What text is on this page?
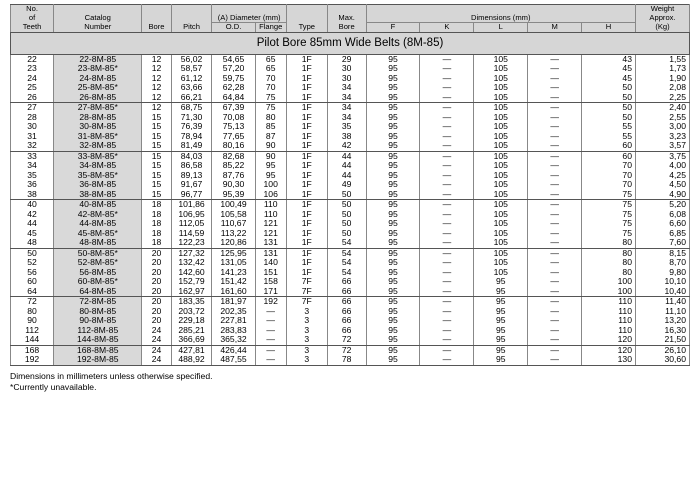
Pilot Bore 85mm Wide Belts (8M-85)													
No.													Weight
of	Catalog			(A) Diameter (mm)			Max.	Dimensions (mm)					Approx.
Teeth	Number	Bore	Pitch	O.D.	Flange	Type	Bore	F	K	L	M	H	(Kg)
22	22-8M-85	12	56,02	54,65	65	1F	29	95	—	105	—	43	1,55
23	23-8M-85*	12	58,57	57,20	65	1F	30	95	—	105	—	45	1,73
24	24-8M-85	12	61,12	59,75	70	1F	30	95	—	105	—	45	1,90
25	25-8M-85*	12	63,66	62,28	70	1F	34	95	—	105	—	50	2,08
26	26-8M-85	12	66,21	64,84	75	1F	34	95	—	105	—	50	2,25
27	27-8M-85*	12	68,75	67,39	75	1F	34	95	—	105	—	50	2,40
28	28-8M-85	15	71,30	70,08	80	1F	34	95	—	105	—	50	2,55
30	30-8M-85	15	76,39	75,13	85	1F	35	95	—	105	—	55	3,00
31	31-8M-85*	15	78,94	77,65	87	1F	38	95	—	105	—	55	3,23
32	32-8M-85	15	81,49	80,16	90	1F	42	95	—	105	—	60	3,57
33	33-8M-85*	15	84,03	82,68	90	1F	44	95	—	105	—	60	3,75
34	34-8M-85	15	86,58	85,22	95	1F	44	95	—	105	—	70	4,00
35	35-8M-85*	15	89,13	87,76	95	1F	44	95	—	105	—	70	4,25
36	36-8M-85	15	91,67	90,30	100	1F	49	95	—	105	—	70	4,50
38	38-8M-85	15	96,77	95,39	106	1F	50	95	—	105	—	75	4,90
40	40-8M-85	18	101,86	100,49	110	1F	50	95	—	105	—	75	5,20
42	42-8M-85*	18	106,95	105,58	110	1F	50	95	—	105	—	75	6,08
44	44-8M-85	18	112,05	110,67	121	1F	50	95	—	105	—	75	6,60
45	45-8M-85*	18	114,59	113,22	121	1F	50	95	—	105	—	75	6,85
48	48-8M-85	18	122,23	120,86	131	1F	54	95	—	105	—	80	7,60
50	50-8M-85*	20	127,32	125,95	131	1F	54	95	—	105	—	80	8,15
52	52-8M-85*	20	132,42	131,05	140	1F	54	95	—	105	—	80	8,70
56	56-8M-85	20	142,60	141,23	151	1F	54	95	—	105	—	80	9,80
60	60-8M-85*	20	152,79	151,42	158	7F	66	95	—	95	—	100	10,10
64	64-8M-85	20	162,97	161,60	171	7F	66	95	—	95	—	100	10,40
72	72-8M-85	20	183,35	181,97	192	7F	66	95	—	95	—	110	11,40
80	80-8M-85	20	203,72	202,35	—	3	66	95	—	95	—	110	11,10
90	90-8M-85	20	229,18	227,81	—	3	66	95	—	95	—	110	13,20
112	112-8M-85	24	285,21	283,83	—	3	66	95	—	95	—	110	16,30
144	144-8M-85	24	366,69	365,32	—	3	72	95	—	95	—	120	21,50
168	168-8M-85	24	427,81	426,44	—	3	72	95	—	95	—	120	26,10
192	192-8M-85	24	488,92	487,55	—	3	78	95	—	95	—	130	30,60
Dimensions in millimeters unless otherwise specified.
*Currently unavailable.
